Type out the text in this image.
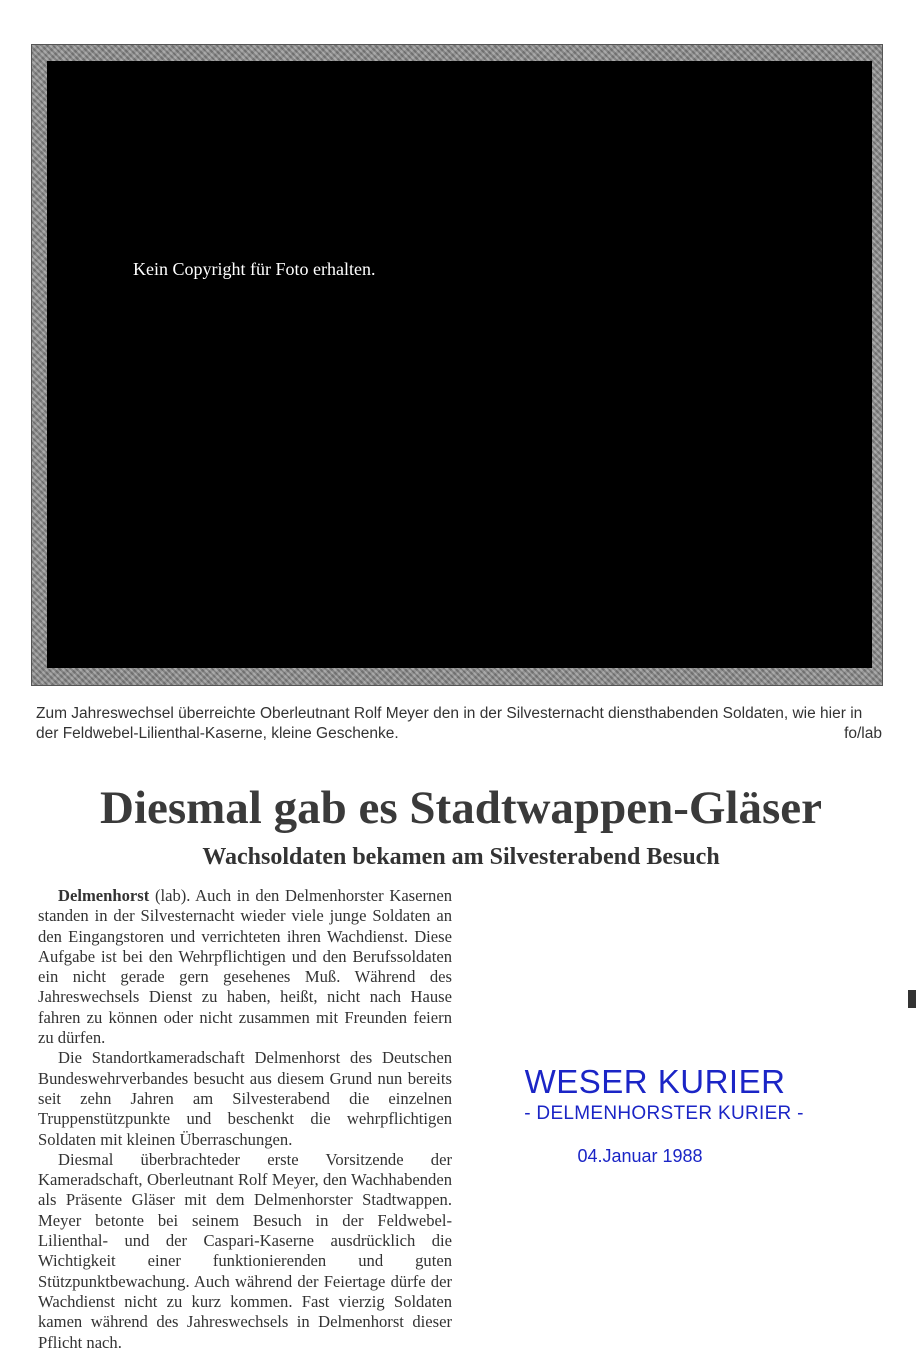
Kein Copyright für Foto erhalten.
Zum Jahreswechsel überreichte Oberleutnant Rolf Meyer den in der Silvesternacht diensthabenden Soldaten, wie hier in der Feldwebel-Lilienthal-Kaserne, kleine Geschenke.	fo/lab
Diesmal gab es Stadtwappen-Gläser
Wachsoldaten bekamen am Silvesterabend Besuch

Delmenhorst (lab). Auch in den Delmenhorster Kasernen standen in der Silvesternacht wieder viele junge Soldaten an den Eingangstoren und verrichteten ihren Wachdienst. Diese Aufgabe ist bei den Wehrpflichtigen und den Berufssoldaten ein nicht gerade gern gesehenes Muß. Während des Jahreswechsels Dienst zu haben, heißt, nicht nach Hause fahren zu können oder nicht zusammen mit Freunden feiern zu dürfen.

Die Standortkameradschaft Delmenhorst des Deutschen Bundeswehrverbandes besucht aus diesem Grund nun bereits seit zehn Jahren am Silvesterabend die einzelnen Truppenstützpunkte und beschenkt die wehrpflichtigen Soldaten mit kleinen Überraschungen.

Diesmal überbrachteder erste Vorsitzende der Kameradschaft, Oberleutnant Rolf Meyer, den Wachhabenden als Präsente Gläser mit dem Delmenhorster Stadtwappen. Meyer betonte bei seinem Besuch in der Feldwebel-Lilienthal- und der Caspari-Kaserne ausdrücklich die Wichtigkeit einer funktionierenden und guten Stützpunktbewachung. Auch während der Feiertage dürfe der Wachdienst nicht zu kurz kommen. Fast vierzig Soldaten kamen während des Jahreswechsels in Delmenhorst dieser Pflicht nach.

WESER KURIER
- DELMENHORSTER KURIER -
04.Januar 1988
